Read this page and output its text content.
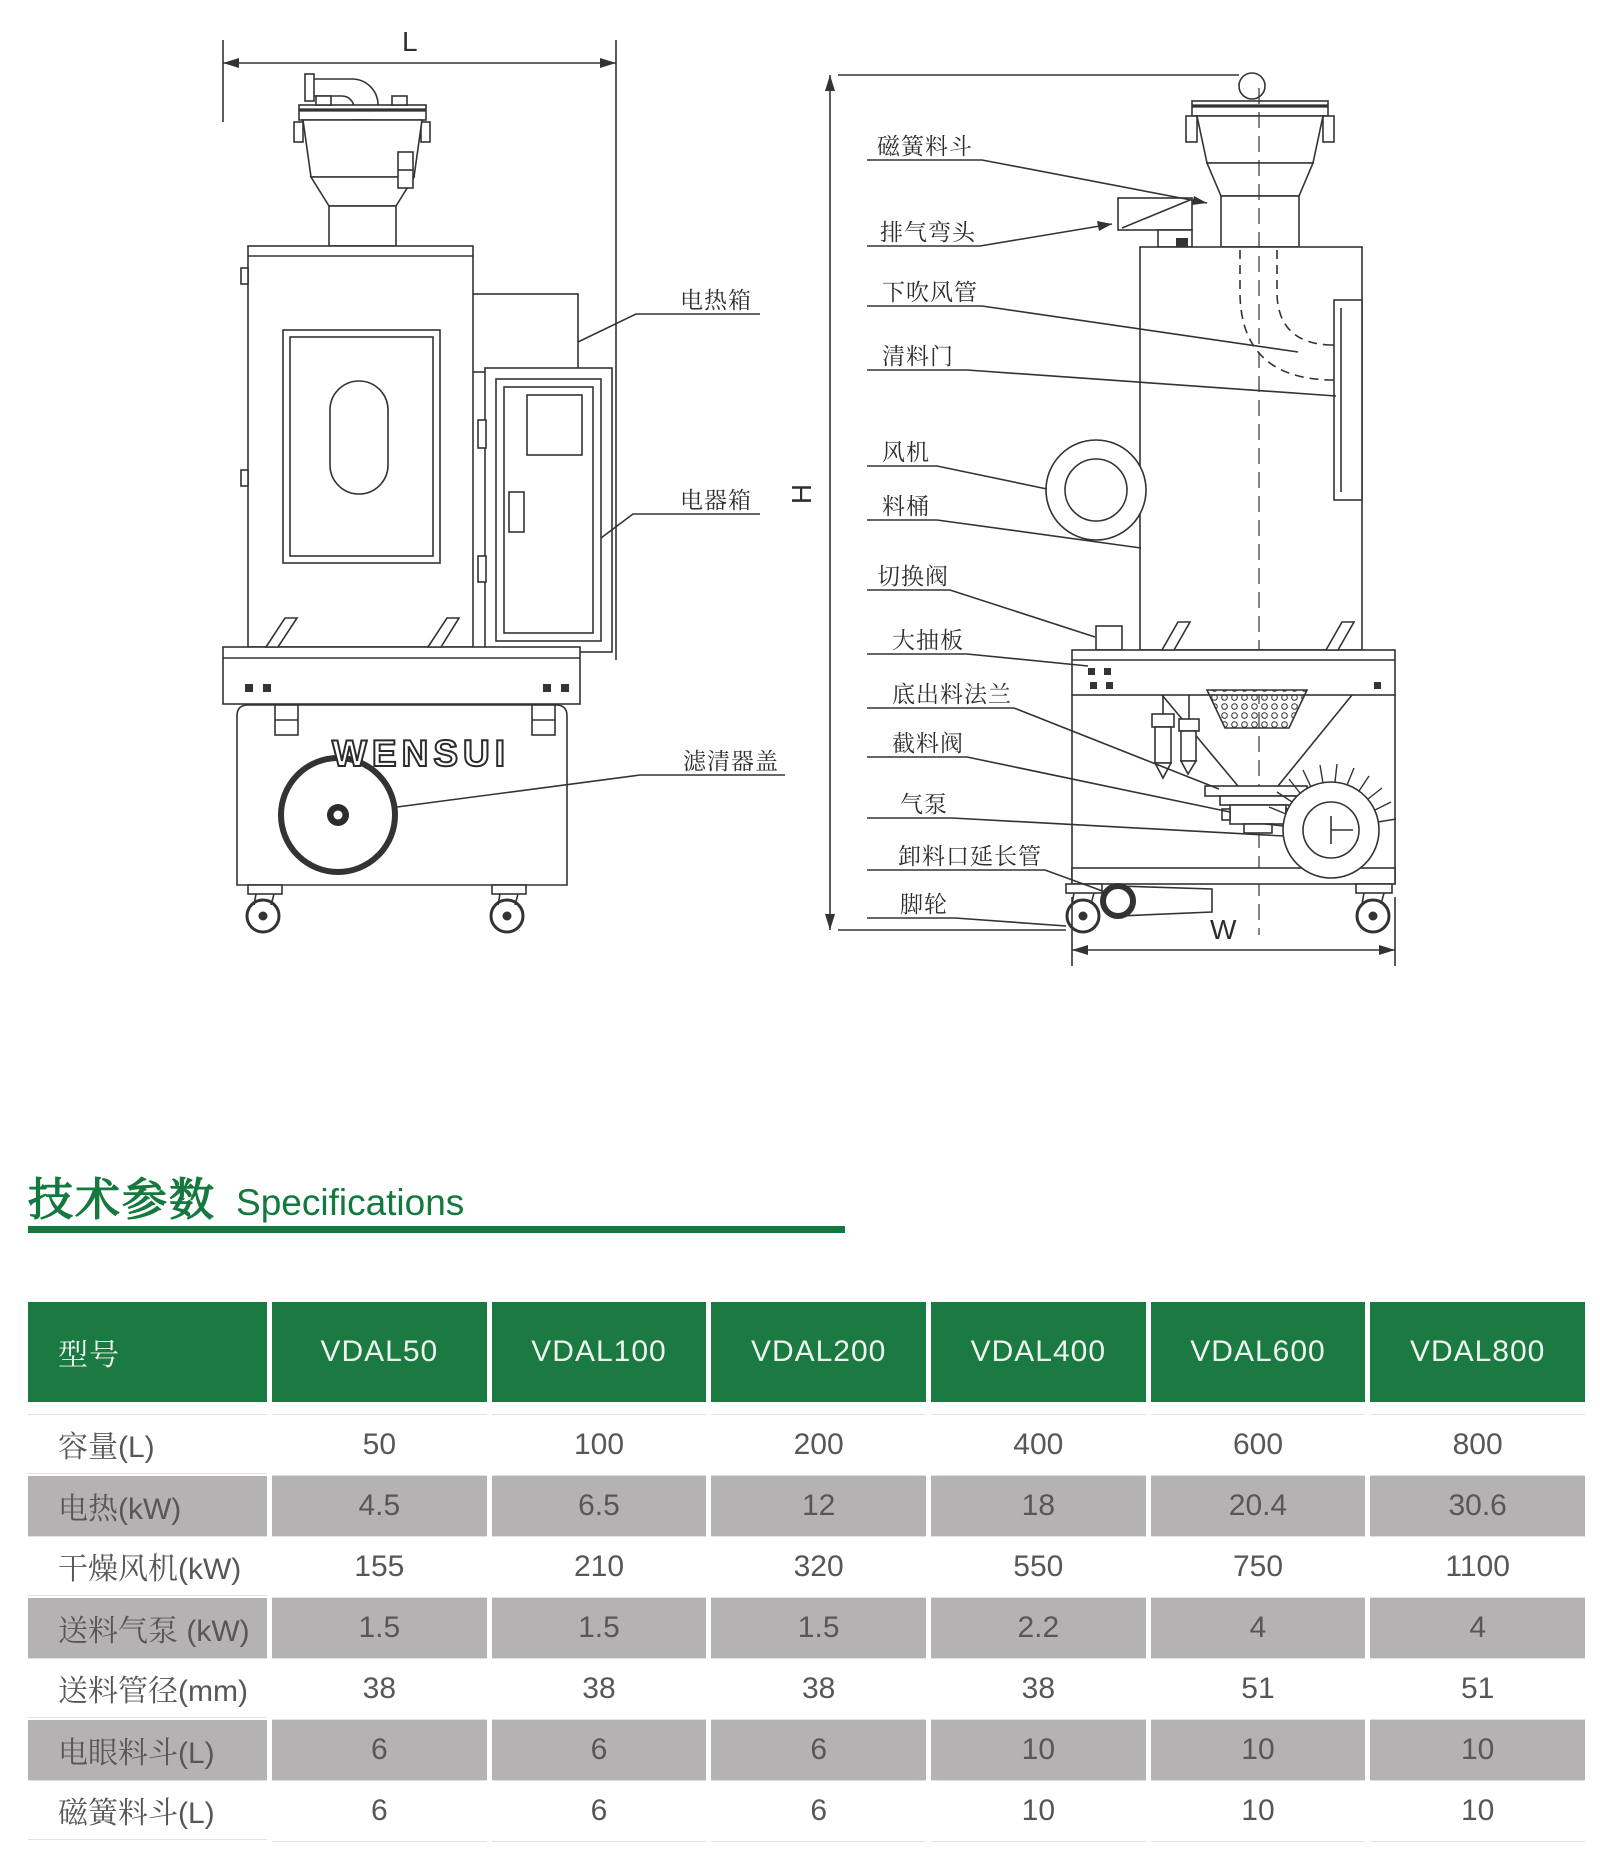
L
H
W
WENSUI
电热箱
电器箱
滤清器盖
磁簧料斗
排气弯头
下吹风管
清料门
风机
料桶
切换阀
大抽板
底出料法兰
截料阀
气泵
卸料口延长管
脚轮
技术参数 Specifications
型号	VDAL50	VDAL100	VDAL200	VDAL400	VDAL600	VDAL800
容量(L)	50	100	200	400	600	800
电热(kW)	4.5	6.5	12	18	20.4	30.6
干燥风机(kW)	155	210	320	550	750	1100
送料气泵 (kW)	1.5	1.5	1.5	2.2	4	4
送料管径(mm)	38	38	38	38	51	51
电眼料斗(L)	6	6	6	10	10	10
磁簧料斗(L)	6	6	6	10	10	10
